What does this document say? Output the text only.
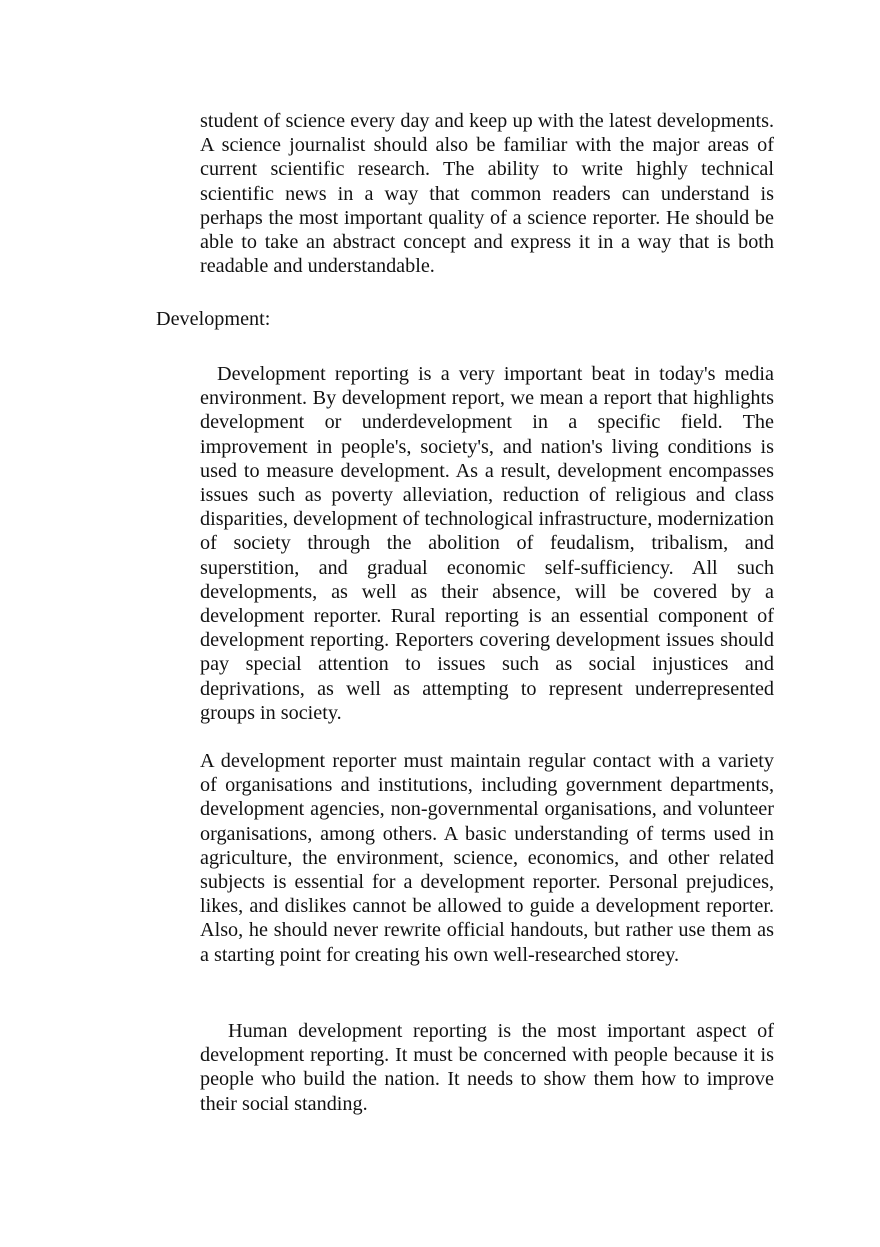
student of science every day and keep up with the latest developments. A science journalist should also be familiar with the major areas of current scientific research. The ability to write highly technical scientific news in a way that common readers can understand is perhaps the most important quality of a science reporter. He should be able to take an abstract concept and express it in a way that is both readable and understandable.

Development:

Development reporting is a very important beat in today's media environment. By development report, we mean a report that highlights development or underdevelopment in a specific field. The improvement in people's, society's, and nation's living conditions is used to measure development. As a result, development encompasses issues such as poverty alleviation, reduction of religious and class disparities, development of technological infrastructure, modernization of society through the abolition of feudalism, tribalism, and superstition, and gradual economic self-sufficiency. All such developments, as well as their absence, will be covered by a development reporter. Rural reporting is an essential component of development reporting. Reporters covering development issues should pay special attention to issues such as social injustices and deprivations, as well as attempting to represent underrepresented groups in society.

A development reporter must maintain regular contact with a variety of organisations and institutions, including government departments, development agencies, non-governmental organisations, and volunteer organisations, among others. A basic understanding of terms used in agriculture, the environment, science, economics, and other related subjects is essential for a development reporter. Personal prejudices, likes, and dislikes cannot be allowed to guide a development reporter. Also, he should never rewrite official handouts, but rather use them as a starting point for creating his own well-researched storey.

Human development reporting is the most important aspect of development reporting. It must be concerned with people because it is people who build the nation. It needs to show them how to improve their social standing.
